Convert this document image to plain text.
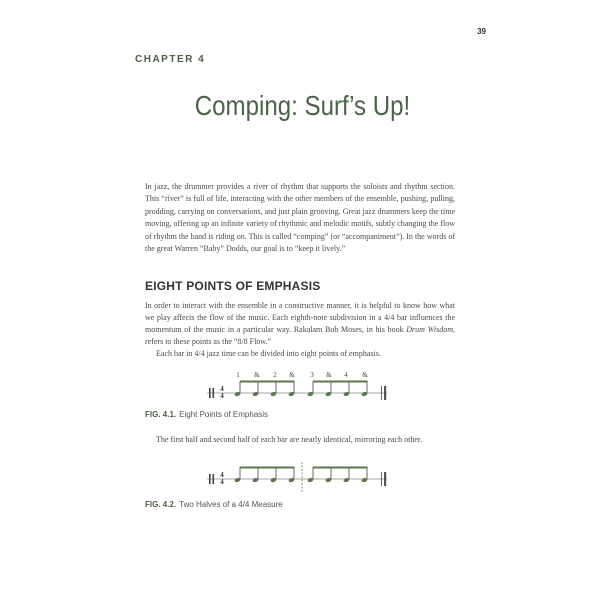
39
CHAPTER 4
Comping: Surf’s Up!
In jazz, the drummer provides a river of rhythm that supports the soloists and rhythm section. This “river” is full of life, interacting with the other members of the ensemble, pushing, pulling, prodding, carrying on conversations, and just plain grooving. Great jazz drummers keep the time moving, offering up an infinite variety of rhythmic and melodic motifs, subtly changing the flow of rhythm the band is riding on. This is called “comping” (or “accompaniment”). In the words of the great Warren “Baby” Dodds, our goal is to “keep it lively.”
EIGHT POINTS OF EMPHASIS
In order to interact with the ensemble in a constructive manner, it is helpful to know how what we play affects the flow of the music. Each eighth-note subdivision in a 4/4 bar influences the momentum of the music in a particular way. Rakalam Bob Moses, in his book Drum Wisdom, refers to these points as the “8/8 Flow.”
Each bar in 4/4 jazz time can be divided into eight points of emphasis.
1 & 2 & 3 & 4 &
4
4
FIG. 4.1. Eight Points of Emphasis
The first half and second half of each bar are nearly identical, mirroring each other.
4
4
FIG. 4.2. Two Halves of a 4/4 Measure
